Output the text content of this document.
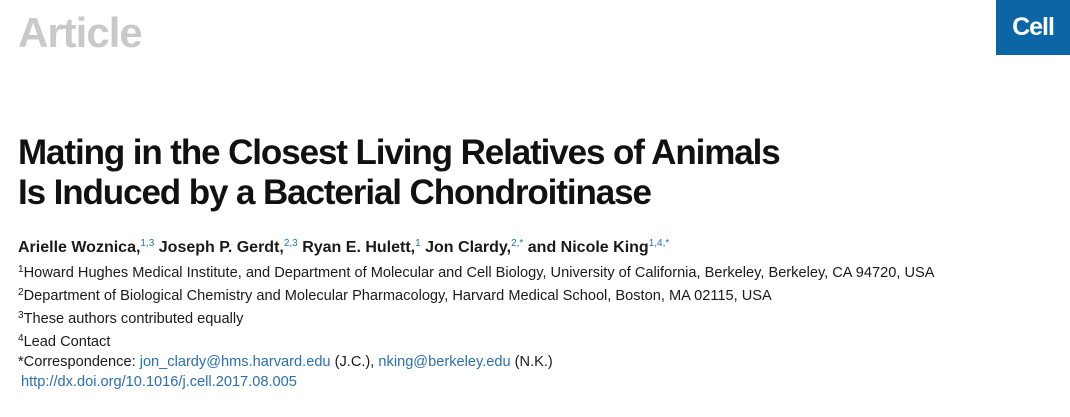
Article	Cell
Mating in the Closest Living Relatives of Animals
Is Induced by a Bacterial Chondroitinase
Arielle Woznica,$^{1,3}$ Joseph P. Gerdt,$^{2,3}$ Ryan E. Hulett,$^1$ Jon Clardy,$^{2,*}$ and Nicole King$^{1,4,*}$
$^1$Howard Hughes Medical Institute, and Department of Molecular and Cell Biology, University of California, Berkeley, Berkeley, CA 94720, USA
$^2$Department of Biological Chemistry and Molecular Pharmacology, Harvard Medical School, Boston, MA 02115, USA
$^3$These authors contributed equally
$^4$Lead Contact
*Correspondence: jon_clardy@hms.harvard.edu (J.C.), nking@berkeley.edu (N.K.)
http://dx.doi.org/10.1016/j.cell.2017.08.005
